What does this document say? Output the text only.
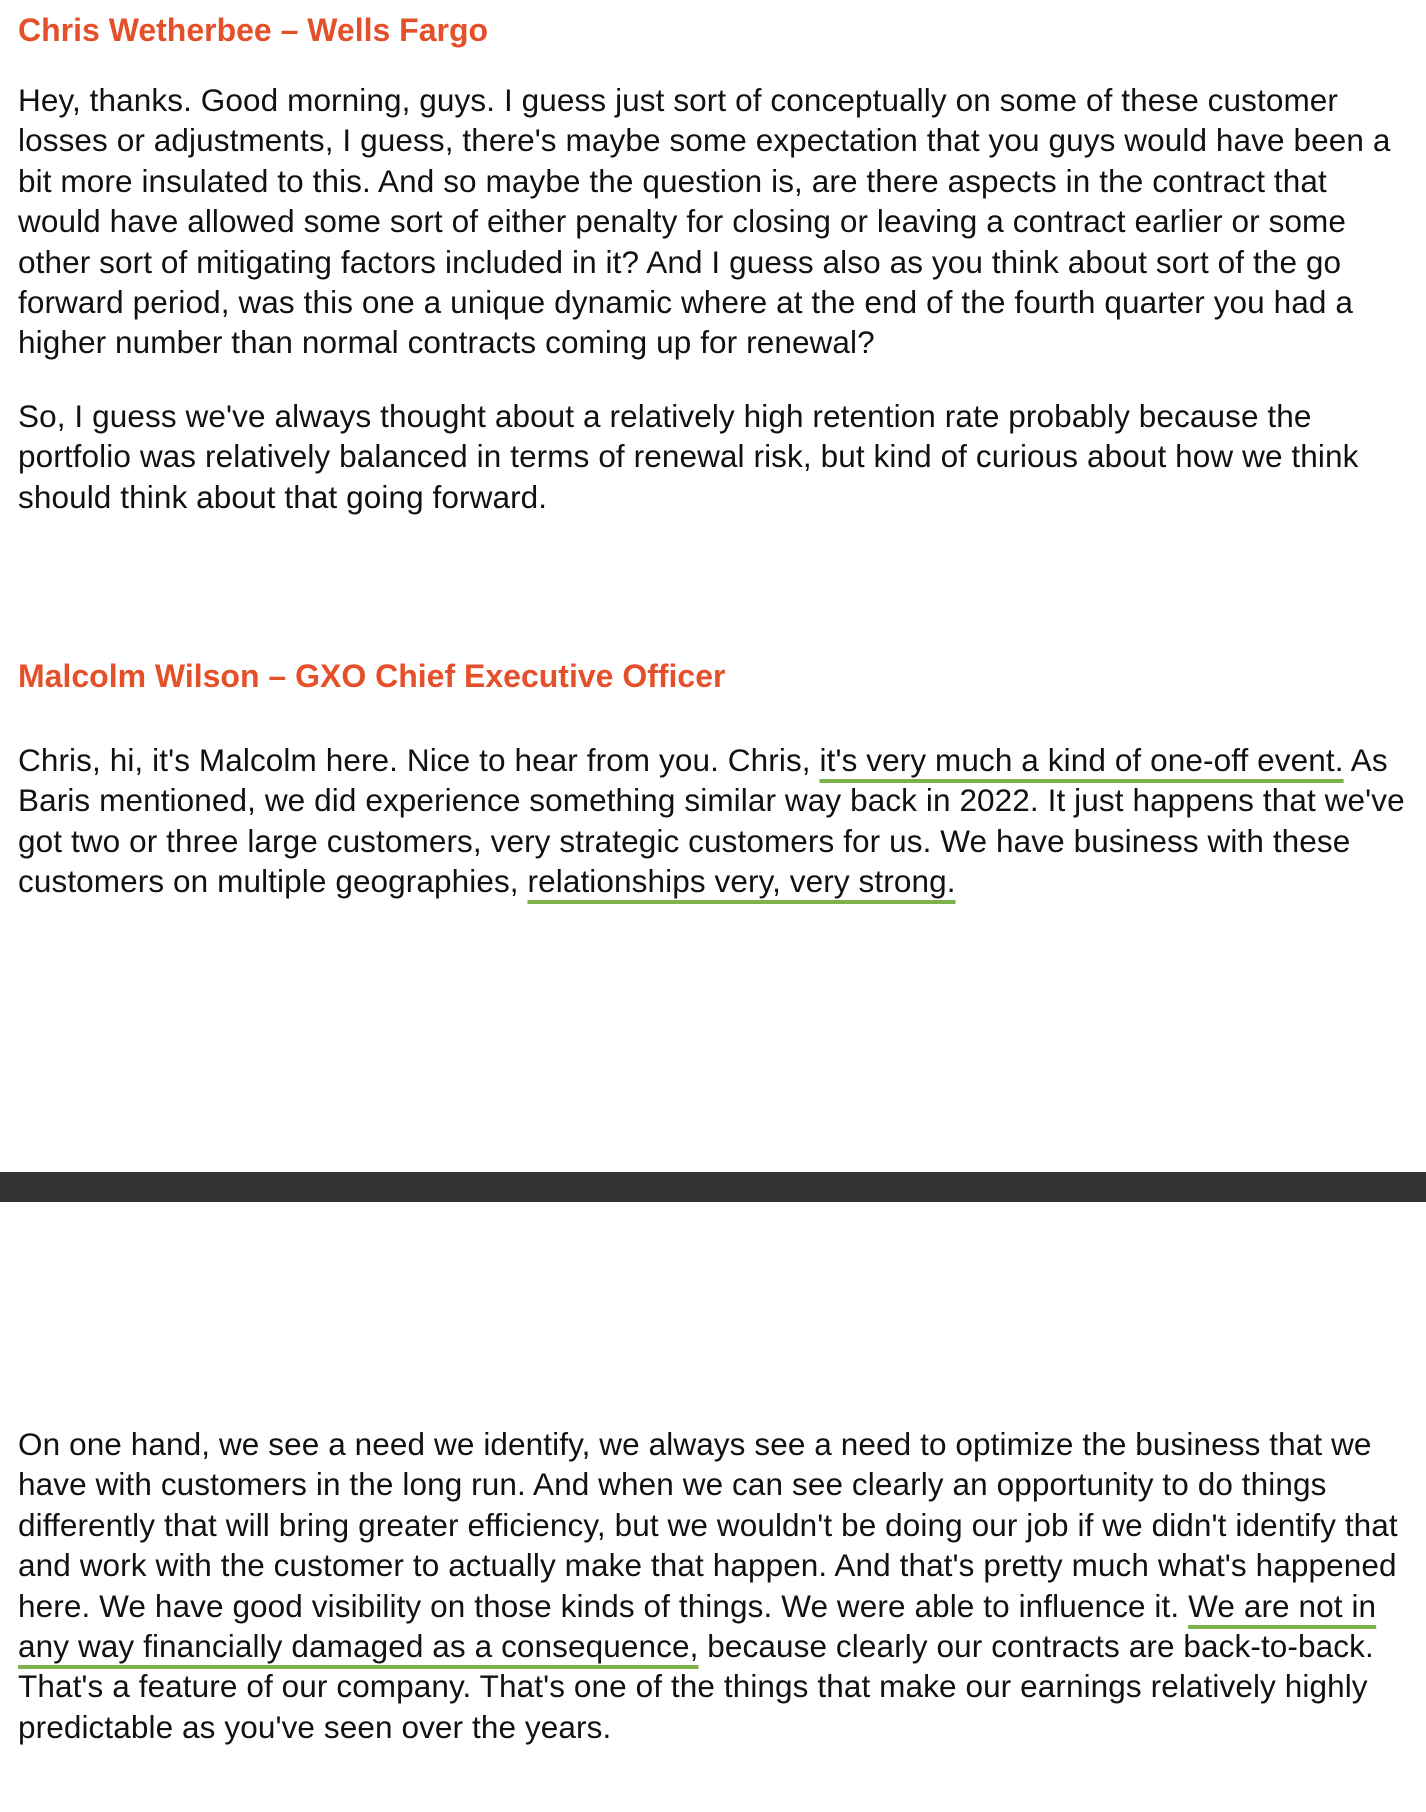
Chris Wetherbee – Wells Fargo

Hey, thanks. Good morning, guys. I guess just sort of conceptually on some of these customer losses or adjustments, I guess, there's maybe some expectation that you guys would have been a bit more insulated to this. And so maybe the question is, are there aspects in the contract that would have allowed some sort of either penalty for closing or leaving a contract earlier or some other sort of mitigating factors included in it? And I guess also as you think about sort of the go forward period, was this one a unique dynamic where at the end of the fourth quarter you had a higher number than normal contracts coming up for renewal?

So, I guess we've always thought about a relatively high retention rate probably because the portfolio was relatively balanced in terms of renewal risk, but kind of curious about how we think should think about that going forward.

Malcolm Wilson – GXO Chief Executive Officer

Chris, hi, it's Malcolm here. Nice to hear from you. Chris, it's very much a kind of one-off event. As Baris mentioned, we did experience something similar way back in 2022. It just happens that we've got two or three large customers, very strategic customers for us. We have business with these customers on multiple geographies, relationships very, very strong.

On one hand, we see a need we identify, we always see a need to optimize the business that we have with customers in the long run. And when we can see clearly an opportunity to do things differently that will bring greater efficiency, but we wouldn't be doing our job if we didn't identify that and work with the customer to actually make that happen. And that's pretty much what's happened here. We have good visibility on those kinds of things. We were able to influence it. We are not in any way financially damaged as a consequence, because clearly our contracts are back-to-back. That's a feature of our company. That's one of the things that make our earnings relatively highly predictable as you've seen over the years.
